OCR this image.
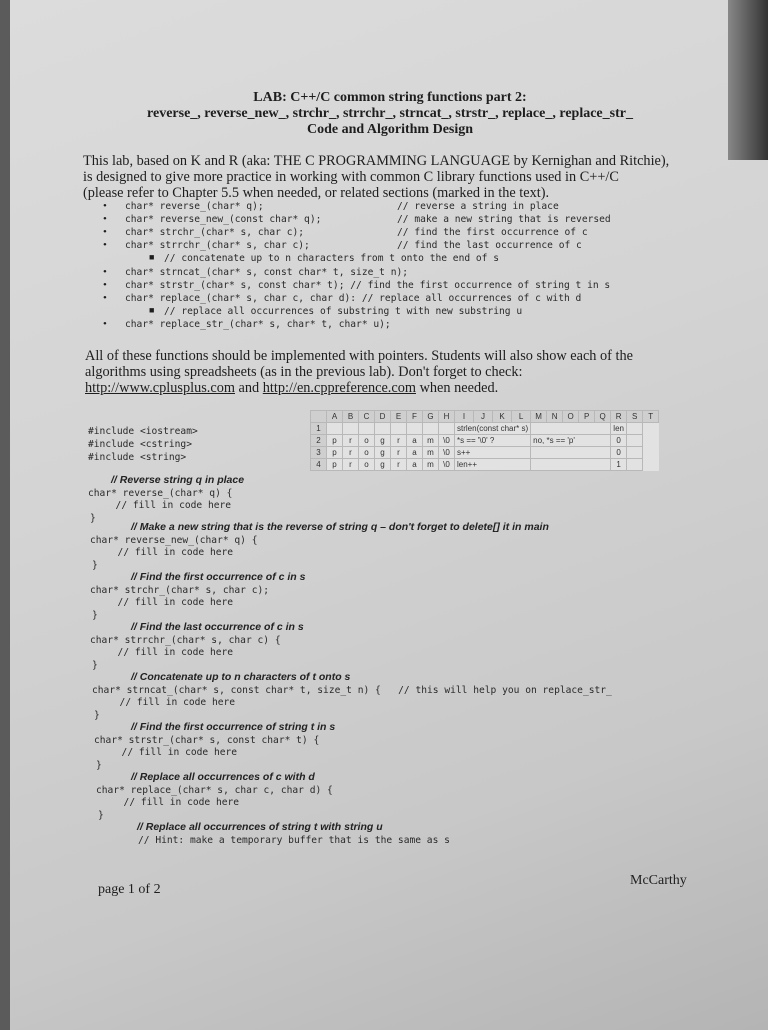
LAB: C++/C common string functions part 2:
reverse_, reverse_new_, strchr_, strrchr_, strncat_, strstr_, replace_, replace_str_
Code and Algorithm Design
This lab, based on K and R (aka: THE C PROGRAMMING LANGUAGE by Kernighan and Ritchie),
is designed to give more practice in working with common C library functions used in C++/C
(please refer to Chapter 5.5 when needed, or related sections (marked in the text).
• char* reverse_(char* q);	// reverse a string in place
• char* reverse_new_(const char* q);	// make a new string that is reversed
• char* strchr_(char* s, char c);	// find the first occurrence of c
• char* strrchr_(char* s, char c);	// find the last occurrence of c
■ // concatenate up to n characters from t onto the end of s
• char* strncat_(char* s, const char* t, size_t n);
• char* strstr_(char* s, const char* t); // find the first occurrence of string t in s
• char* replace_(char* s, char c, char d): // replace all occurrences of c with d
■ // replace all occurrences of substring t with new substring u
• char* replace_str_(char* s, char* t, char* u);
All of these functions should be implemented with pointers. Students will also show each of the
algorithms using spreadsheets (as in the previous lab). Don't forget to check:
http://www.cplusplus.com and http://en.cppreference.com when needed.
#include <iostream>
#include <cstring>
#include <string>
	A	B	C	D	E	F	G	H	I	J	K	L	M	N	O	P	Q	R	S	T
1									strlen(const char* s)									len		
2	p	r	o	g	r	a	m	\0	*s == '\0' ?				no, *s == 'p'					0		
3	p	r	o	g	r	a	m	\0	s++									0		
4	p	r	o	g	r	a	m	\0	len++									1		
// Reverse string q in place
char* reverse_(char* q) {
// fill in code here
}
// Make a new string that is the reverse of string q – don't forget to delete[] it in main
char* reverse_new_(char* q) {
// fill in code here
}
// Find the first occurrence of c in s
char* strchr_(char* s, char c);
// fill in code here
}
// Find the last occurrence of c in s
char* strrchr_(char* s, char c) {
// fill in code here
}
// Concatenate up to n characters of t onto s
char* strncat_(char* s, const char* t, size_t n) {   // this will help you on replace_str_
// fill in code here
}
// Find the first occurrence of string t in s
char* strstr_(char* s, const char* t) {
// fill in code here
}
// Replace all occurrences of c with d
char* replace_(char* s, char c, char d) {
// fill in code here
}
// Replace all occurrences of string t with string u
// Hint: make a temporary buffer that is the same as s
page 1 of 2
McCarthy
